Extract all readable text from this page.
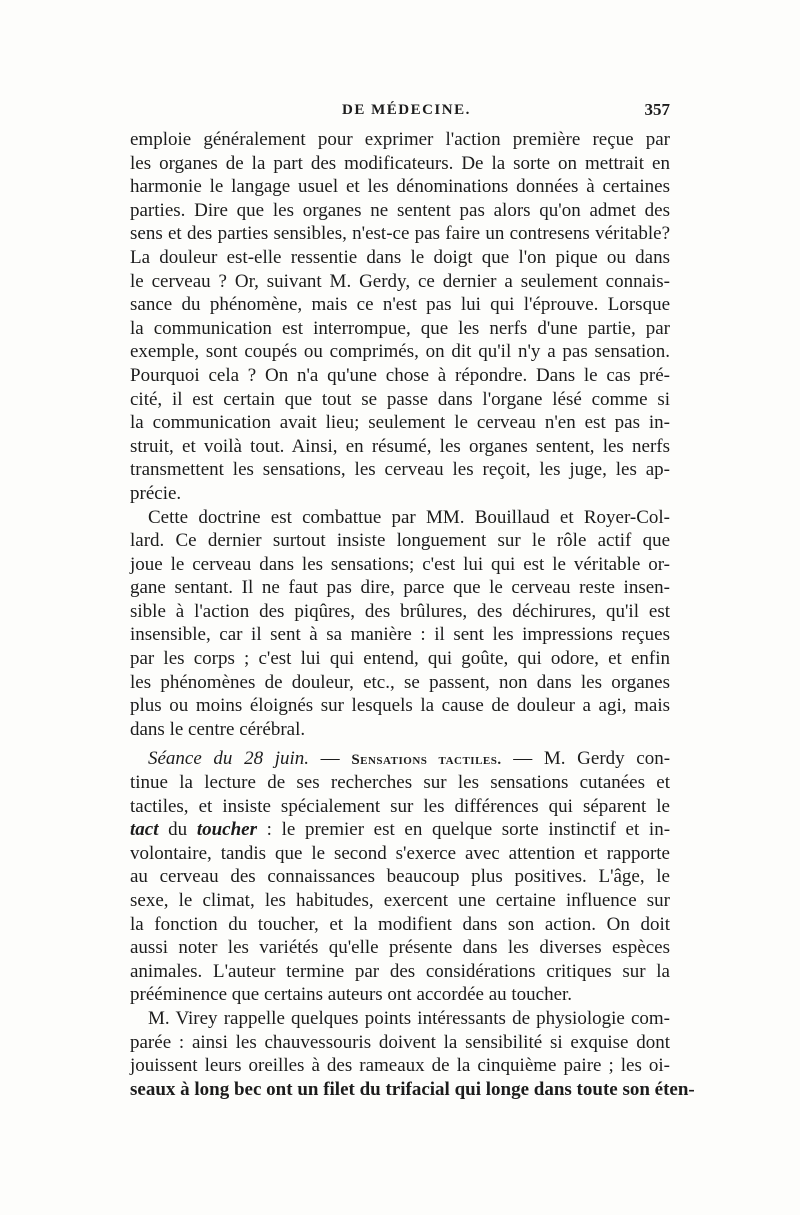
DE MÉDECINE.	357
emploie généralement pour exprimer l'action première reçue par
les organes de la part des modificateurs. De la sorte on mettrait en
harmonie le langage usuel et les dénominations données à certaines
parties. Dire que les organes ne sentent pas alors qu'on admet des
sens et des parties sensibles, n'est-ce pas faire un contresens véritable?
La douleur est-elle ressentie dans le doigt que l'on pique ou dans
le cerveau ? Or, suivant M. Gerdy, ce dernier a seulement connais-
sance du phénomène, mais ce n'est pas lui qui l'éprouve. Lorsque
la communication est interrompue, que les nerfs d'une partie, par
exemple, sont coupés ou comprimés, on dit qu'il n'y a pas sensation.
Pourquoi cela ? On n'a qu'une chose à répondre. Dans le cas pré-
cité, il est certain que tout se passe dans l'organe lésé comme si
la communication avait lieu; seulement le cerveau n'en est pas in-
struit, et voilà tout. Ainsi, en résumé, les organes sentent, les nerfs
transmettent les sensations, les cerveau les reçoit, les juge, les ap-
précie.
Cette doctrine est combattue par MM. Bouillaud et Royer-Col-
lard. Ce dernier surtout insiste longuement sur le rôle actif que
joue le cerveau dans les sensations; c'est lui qui est le véritable or-
gane sentant. Il ne faut pas dire, parce que le cerveau reste insen-
sible à l'action des piqûres, des brûlures, des déchirures, qu'il est
insensible, car il sent à sa manière : il sent les impressions reçues
par les corps ; c'est lui qui entend, qui goûte, qui odore, et enfin
les phénomènes de douleur, etc., se passent, non dans les organes
plus ou moins éloignés sur lesquels la cause de douleur a agi, mais
dans le centre cérébral.
Séance du 28 juin. — Sensations tactiles. — M. Gerdy con-
tinue la lecture de ses recherches sur les sensations cutanées et
tactiles, et insiste spécialement sur les différences qui séparent le
tact du toucher : le premier est en quelque sorte instinctif et in-
volontaire, tandis que le second s'exerce avec attention et rapporte
au cerveau des connaissances beaucoup plus positives. L'âge, le
sexe, le climat, les habitudes, exercent une certaine influence sur
la fonction du toucher, et la modifient dans son action. On doit
aussi noter les variétés qu'elle présente dans les diverses espèces
animales. L'auteur termine par des considérations critiques sur la
prééminence que certains auteurs ont accordée au toucher.
M. Virey rappelle quelques points intéressants de physiologie com-
parée : ainsi les chauvessouris doivent la sensibilité si exquise dont
jouissent leurs oreilles à des rameaux de la cinquième paire ; les oi-
seaux à long bec ont un filet du trifacial qui longe dans toute son éten-
